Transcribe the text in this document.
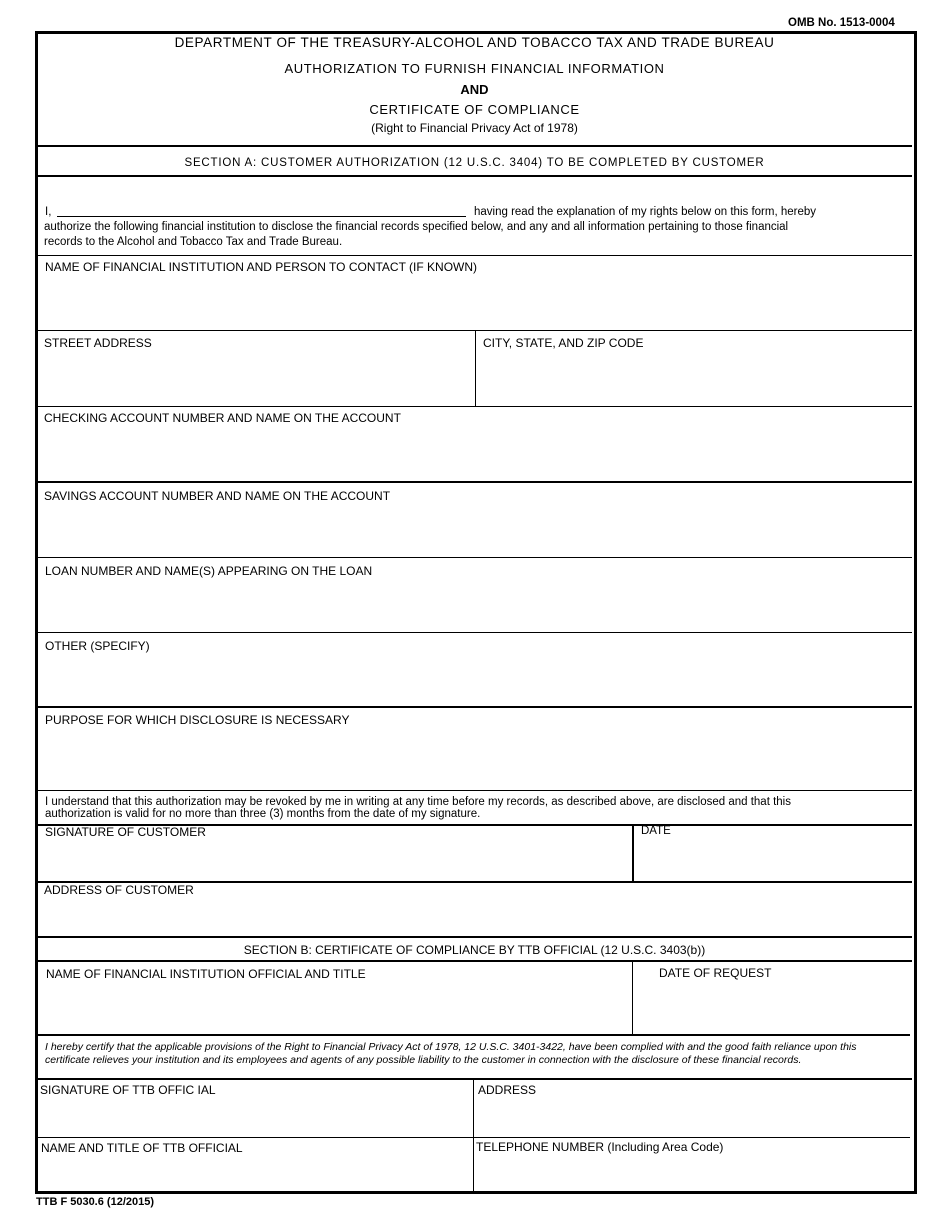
OMB No. 1513-0004
DEPARTMENT OF THE TREASURY-ALCOHOL AND TOBACCO TAX AND TRADE BUREAU
AUTHORIZATION TO FURNISH FINANCIAL INFORMATION
AND
CERTIFICATE OF COMPLIANCE
(Right to Financial Privacy Act of 1978)
SECTION A: CUSTOMER AUTHORIZATION (12 U.S.C. 3404) TO BE COMPLETED BY CUSTOMER
I,	having read the explanation of my rights below on this form, hereby
authorize the following financial institution to disclose the financial records specified below, and any and all information pertaining to those financial
records to the Alcohol and Tobacco Tax and Trade Bureau.
NAME OF FINANCIAL INSTITUTION AND PERSON TO CONTACT (IF KNOWN)
STREET ADDRESS	CITY, STATE, AND ZIP CODE
CHECKING ACCOUNT NUMBER AND NAME ON THE ACCOUNT
SAVINGS ACCOUNT NUMBER AND NAME ON THE ACCOUNT
LOAN NUMBER AND NAME(S) APPEARING ON THE LOAN
OTHER (SPECIFY)
PURPOSE FOR WHICH DISCLOSURE IS NECESSARY
I understand that this authorization may be revoked by me in writing at any time before my records, as described above, are disclosed and that this
authorization is valid for no more than three (3) months from the date of my signature.
SIGNATURE OF CUSTOMER	DATE
ADDRESS OF CUSTOMER
SECTION B: CERTIFICATE OF COMPLIANCE BY TTB OFFICIAL (12 U.S.C. 3403(b))
NAME OF FINANCIAL INSTITUTION OFFICIAL AND TITLE	DATE OF REQUEST
I hereby certify that the applicable provisions of the Right to Financial Privacy Act of 1978, 12 U.S.C. 3401-3422, have been complied with and the good faith reliance upon this
certificate relieves your institution and its employees and agents of any possible liability to the customer in connection with the disclosure of these financial records.
SIGNATURE OF TTB OFFIC IAL	ADDRESS
NAME AND TITLE OF TTB OFFICIAL	TELEPHONE NUMBER (Including Area Code)
TTB F 5030.6 (12/2015)
